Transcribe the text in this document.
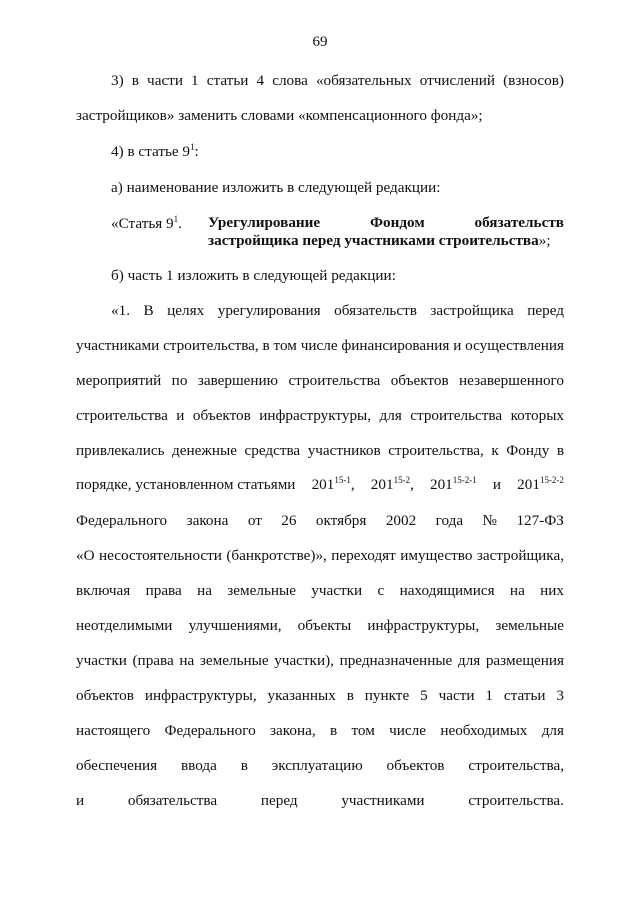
69
3) в части 1 статьи 4 слова «обязательных отчислений (взносов)
застройщиков» заменить словами «компенсационного фонда»;
4) в статье $9^1$:
а) наименование изложить в следующей редакции:
«Статья $9^1$. Урегулирование	Фондом	обязательств
застройщика перед участниками строительства»;
б) часть 1 изложить в следующей редакции:
«1. В целях урегулирования обязательств застройщика перед
участниками строительства, в том числе финансирования и осуществления
мероприятий по завершению строительства объектов незавершенного
строительства и объектов инфраструктуры, для строительства которых
привлекались денежные средства участников строительства, к Фонду в
порядке, установленном статьями 201$^{15-1}$, 201$^{15-2}$, 201$^{15-2-1}$ и 201$^{15-2-2}$
Федерального закона от 26 октября 2002 года № 127-ФЗ
«О несостоятельности (банкротстве)», переходят имущество застройщика,
включая права на земельные участки с находящимися на них
неотделимыми улучшениями, объекты инфраструктуры, земельные
участки (права на земельные участки), предназначенные для размещения
объектов инфраструктуры, указанных в пункте 5 части 1 статьи 3
настоящего Федерального закона, в том числе необходимых для
обеспечения ввода в эксплуатацию объектов строительства,
и	обязательства	перед	участниками	строительства.
